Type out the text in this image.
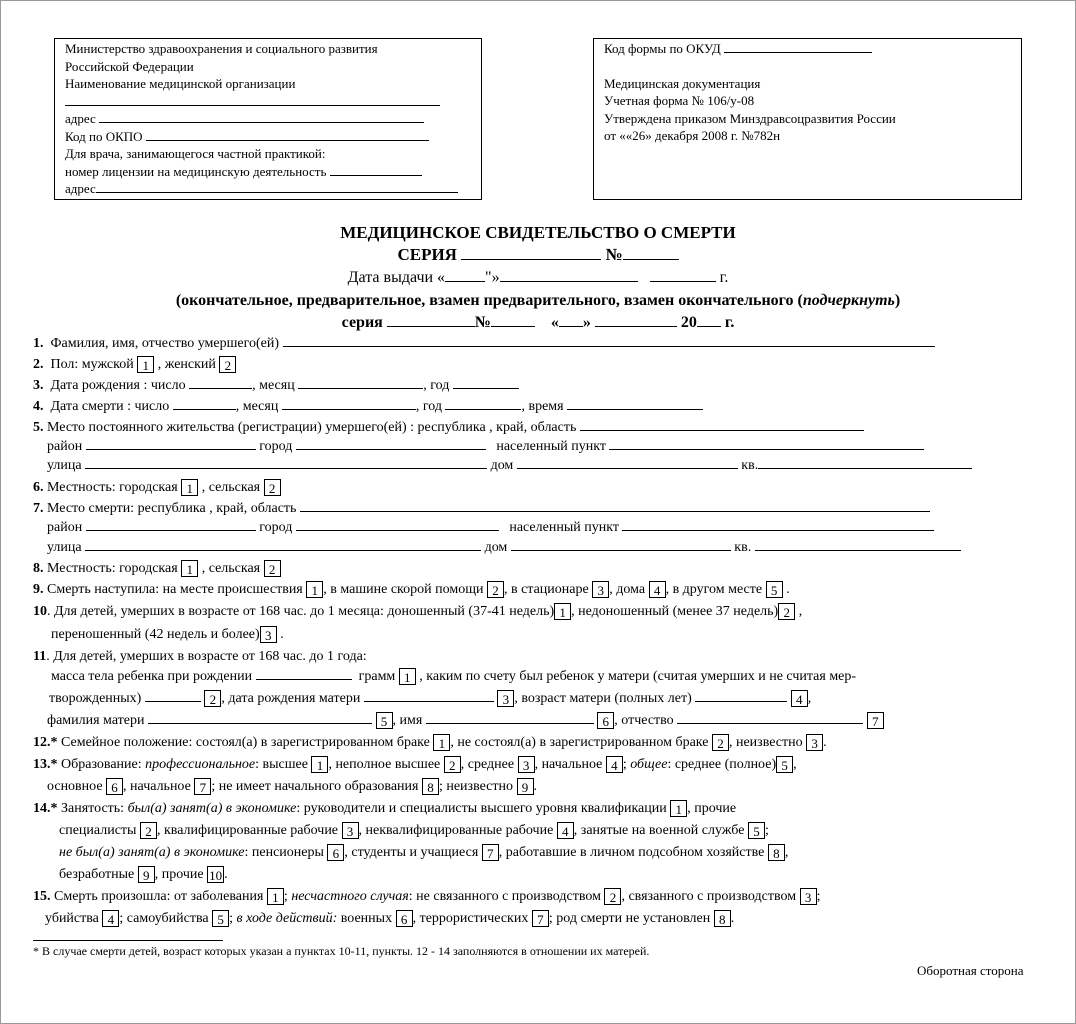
Министерство здравоохранения и социального развития
Российской Федерации
Наименование медицинской организации
адрес
Код по ОКПО
Для врача, занимающегося частной практикой:
номер лицензии на медицинскую деятельность
адрес
Код формы по ОКУД
Медицинская документация
Учетная форма № 106/у-08
Утверждена приказом Минздравсоцразвития России
от ««26» декабря 2008 г. №782н
МЕДИЦИНСКОЕ СВИДЕТЕЛЬСТВО О СМЕРТИ
СЕРИЯ	№
Дата выдачи «	"»	г.
(окончательное, предварительное, взамен предварительного, взамен окончательного (подчеркнуть)
серия	№	« »	20 г.
1. Фамилия, имя, отчество умершего(ей)
2. Пол: мужской 1 , женский 2
3. Дата рождения : число	, месяц	, год
4. Дата смерти : число	, месяц	, год	, время
5. Место постоянного жительства (регистрации) умершего(ей) : республика , край, область
район	город	населенный пункт
улица	дом	кв.
6. Местность: городская 1 , сельская 2
7. Место смерти: республика , край, область
район	город	населенный пункт
улица	дом	кв.
8. Местность: городская 1 , сельская 2
9. Смерть наступила: на месте происшествия 1 , в машине скорой помощи 2 , в стационаре 3 , дома 4 , в другом месте 5 .
10. Для детей, умерших в возрасте от 168 час. до 1 месяца: доношенный (37-41 недель) 1 , недоношенный (менее 37 недель) 2 ,
переношенный (42 недель и более) 3 .
11. Для детей, умерших в возрасте от 168 час. до 1 года:
масса тела ребенка при рождении	грамм 1 , каким по счету был ребенок у матери (считая умерших и не считая мер-
творожденных)	2 , дата рождения матери	3 , возраст матери (полных лет)	4 ,
фамилия матери	5 , имя	6 , отчество	7
12.* Семейное положение: состоял(а) в зарегистрированном браке 1 , не состоял(а) в зарегистрированном браке 2 , неизвестно 3 .
13.* Образование: профессиональное: высшее 1 , неполное высшее 2 , среднее 3 , начальное 4 ; общее: среднее (полное) 5 ,
основное 6 , начальное 7 ; не имеет начального образования 8 ; неизвестно 9 .
14.* Занятость: был(а) занят(а) в экономике: руководители и специалисты высшего уровня квалификации 1 , прочие
специалисты 2 , квалифицированные рабочие 3 , неквалифицированные рабочие 4 , занятые на военной службе 5 ;
не был(а) занят(а) в экономике: пенсионеры 6 , студенты и учащиеся 7 , работавшие в личном подсобном хозяйстве 8 ,
безработные 9 , прочие 10 .
15. Смерть произошла: от заболевания 1 ; несчастного случая: не связанного с производством 2 , связанного с производством 3 ;
убийства 4 ; самоубийства 5 ; в ходе действий: военных 6 , террористических 7 ; род смерти не установлен 8 .
* В случае смерти детей, возраст которых указан а пунктах 10-11, пункты. 12 - 14 заполняются в отношении их матерей.
Оборотная сторона
